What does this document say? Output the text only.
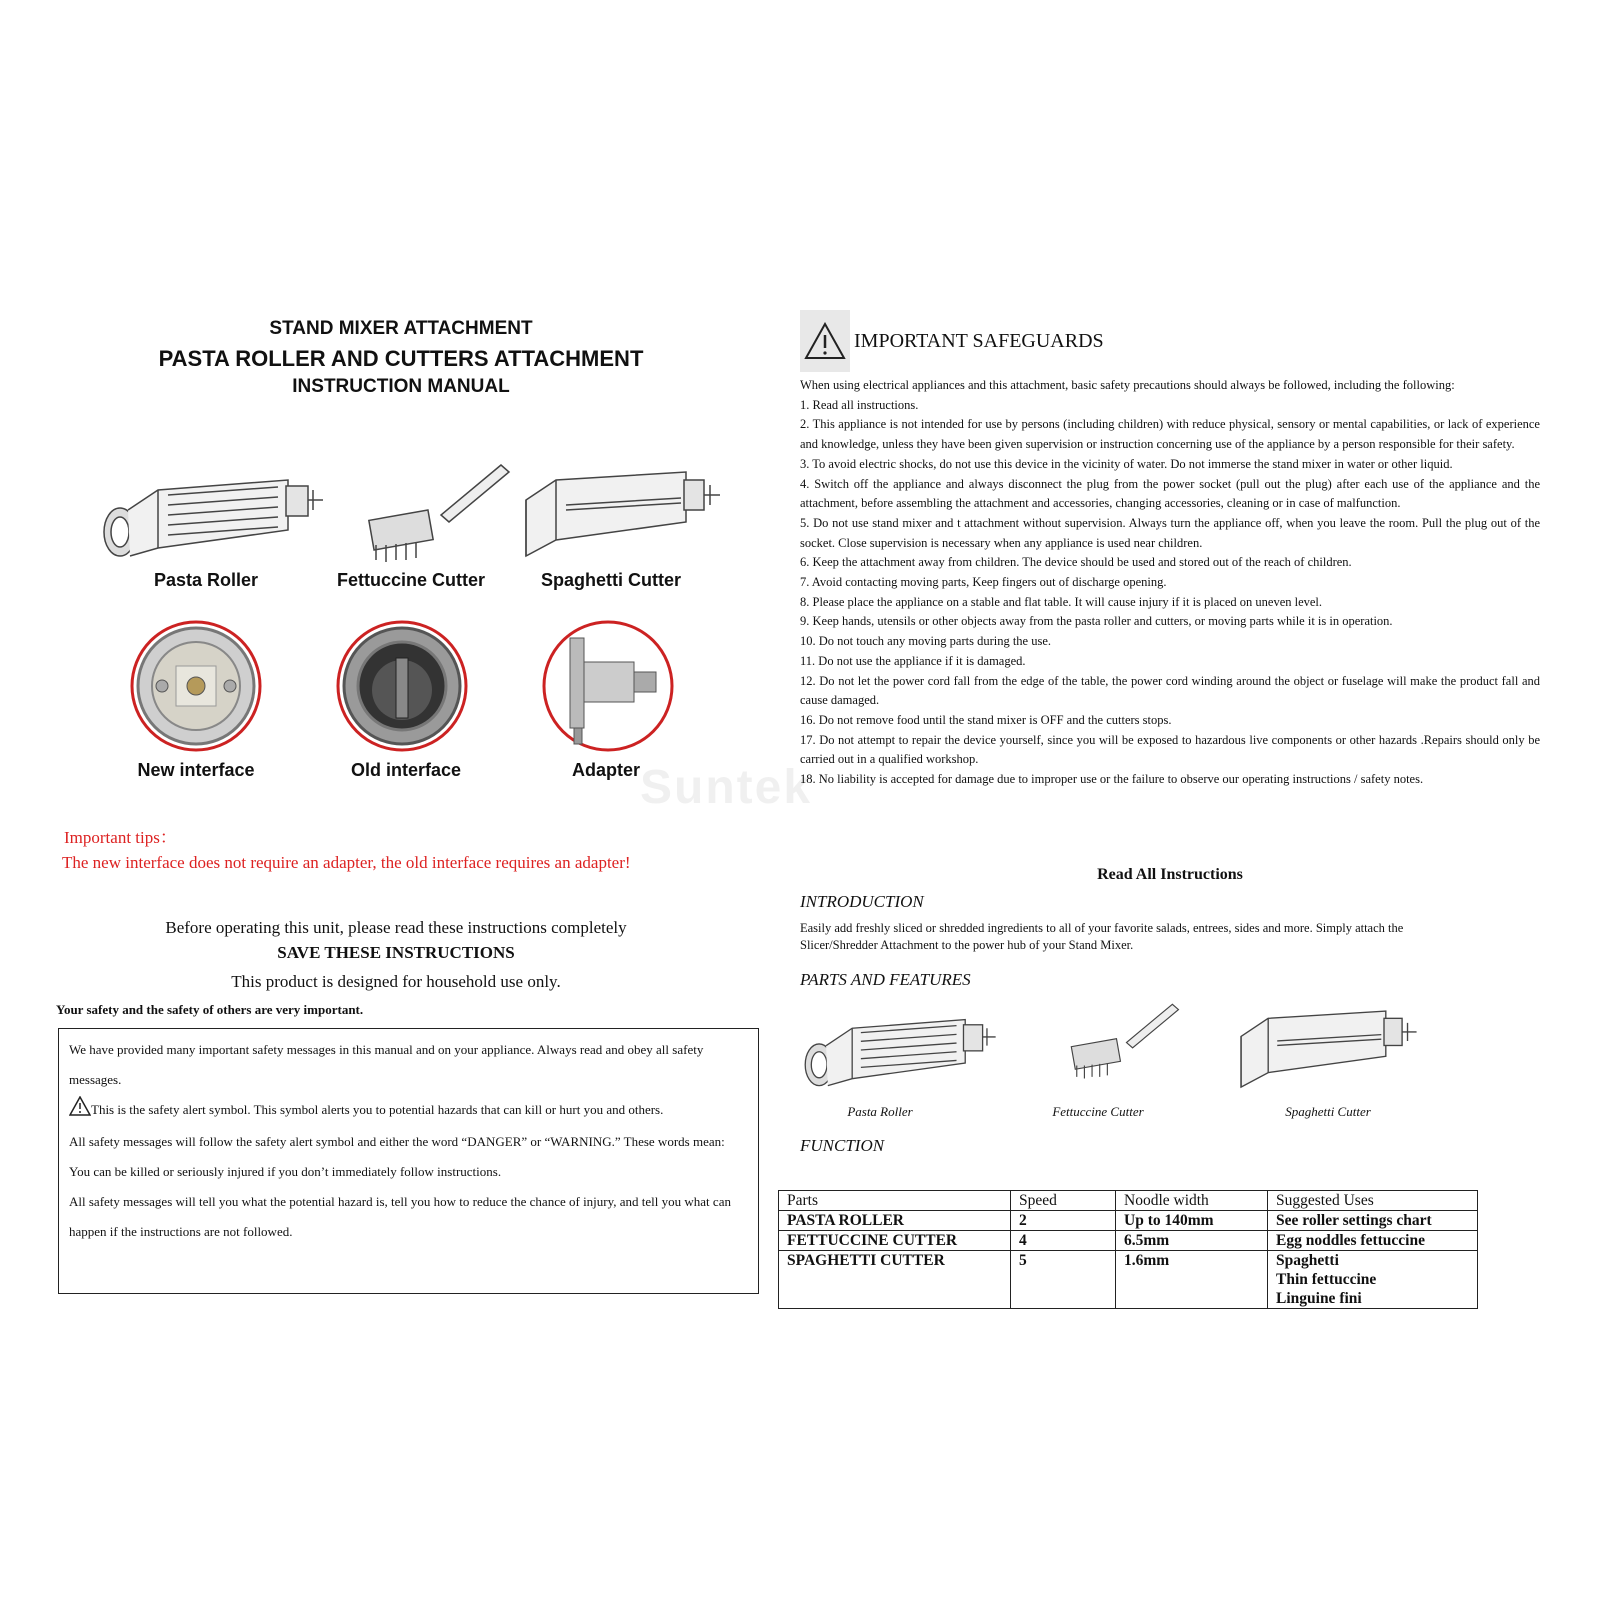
Suntek
STAND MIXER ATTACHMENT
PASTA ROLLER AND CUTTERS ATTACHMENT
INSTRUCTION MANUAL
Pasta Roller	Fettuccine Cutter	Spaghetti Cutter
New interface	Old interface	Adapter
Important tips：
The new interface does not require an adapter, the old interface requires an adapter!
Before operating this unit, please read these instructions completely
SAVE THESE INSTRUCTIONS
This product is designed for household use only.
Your safety and the safety of others are very important.

We have provided many important safety messages in this manual and on your appliance. Always read and obey all safety messages.

This is the safety alert symbol. This symbol alerts you to potential hazards that can kill or hurt you and others.

All safety messages will follow the safety alert symbol and either the word “DANGER” or “WARNING.” These words mean:

You can be killed or seriously injured if you don’t immediately follow instructions.

All safety messages will tell you what the potential hazard is, tell you how to reduce the chance of injury, and tell you what can happen if the instructions are not followed.

IMPORTANT SAFEGUARDS
When using electrical appliances and this attachment, basic safety precautions should always be followed, including the following:
1. Read all instructions.
2. This appliance is not intended for use by persons (including children) with reduce physical, sensory or mental capabilities, or lack of experience and knowledge, unless they have been given supervision or instruction concerning use of the appliance by a person responsible for their safety.
3. To avoid electric shocks, do not use this device in the vicinity of water. Do not immerse the stand mixer in water or other liquid.
4. Switch off the appliance and always disconnect the plug from the power socket (pull out the plug) after each use of the appliance and the attachment, before assembling the attachment and accessories, changing accessories, cleaning or in case of malfunction.
5. Do not use stand mixer and t attachment without supervision. Always turn the appliance off, when you leave the room. Pull the plug out of the socket. Close supervision is necessary when any appliance is used near children.
6. Keep the attachment away from children. The device should be used and stored out of the reach of children.
7. Avoid contacting moving parts, Keep fingers out of discharge opening.
8. Please place the appliance on a stable and flat table. It will cause injury if it is placed on uneven level.
9. Keep hands, utensils or other objects away from the pasta roller and cutters, or moving parts while it is in operation.
10. Do not touch any moving parts during the use.
11. Do not use the appliance if it is damaged.
12. Do not let the power cord fall from the edge of the table, the power cord winding around the object or fuselage will make the product fall and cause damaged.
16. Do not remove food until the stand mixer is OFF and the cutters stops.
17. Do not attempt to repair the device yourself, since you will be exposed to hazardous live components or other hazards .Repairs should only be carried out in a qualified workshop.
18. No liability is accepted for damage due to improper use or the failure to observe our operating instructions / safety notes.
Read All Instructions
INTRODUCTION
Easily add freshly sliced or shredded ingredients to all of your favorite salads, entrees, sides and more. Simply attach the Slicer/Shredder Attachment to the power hub of your Stand Mixer.
PARTS AND FEATURES
Pasta Roller	Fettuccine Cutter	Spaghetti Cutter
FUNCTION
Parts	Speed	Noodle width	Suggested Uses
PASTA ROLLER	2	Up to 140mm	See roller settings chart
FETTUCCINE CUTTER	4	6.5mm	Egg noddles fettuccine
SPAGHETTI CUTTER	5	1.6mm	Spaghetti
Thin fettuccine
Linguine fini
